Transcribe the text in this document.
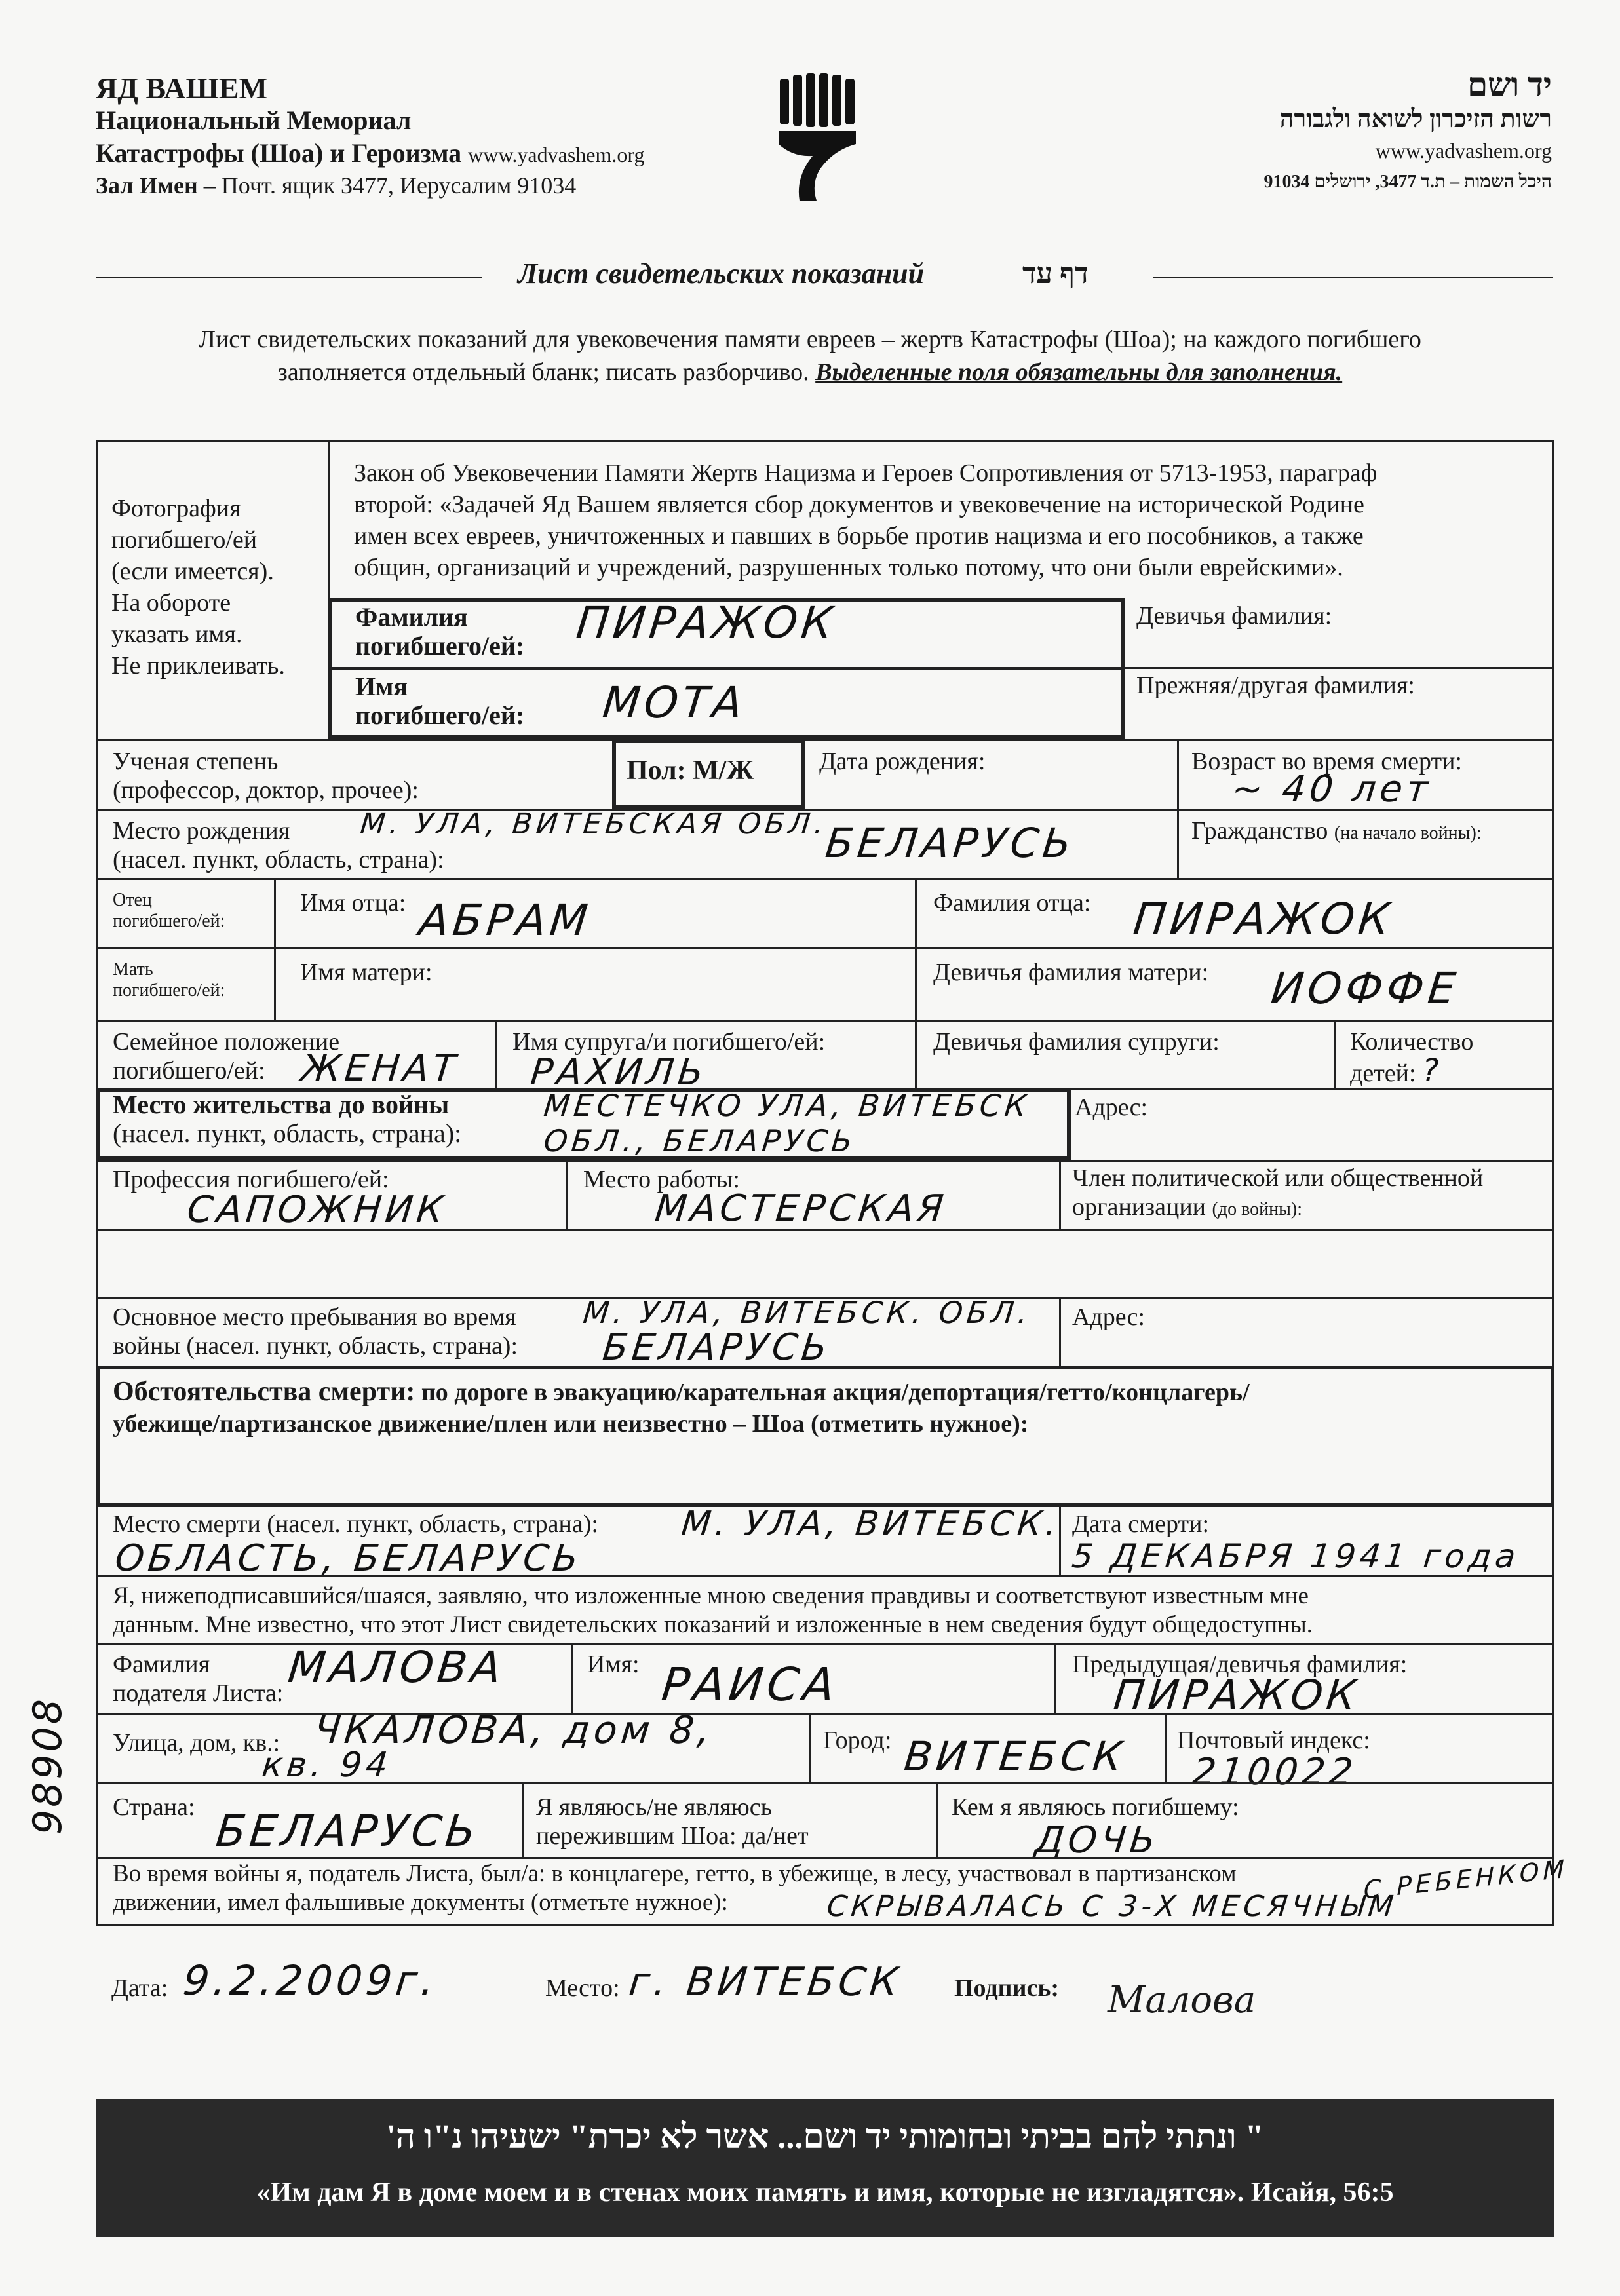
ЯД ВАШЕМ
Национальный Мемориал
Катастрофы (Шоа) и Героизма www.yadvashem.org
Зал Имен – Почт. ящик 3477, Иерусалим 91034
יד ושם
רשות הזיכרון לשואה ולגבורה
www.yadvashem.org
היכל השמות – ת.ד 3477, ירושלים 91034
Лист свидетельских показаний	דף עד
Лист свидетельских показаний для увековечения памяти евреев – жертв Катастрофы (Шоа); на каждого погибшего
заполняется отдельный бланк; писать разборчиво. Выделенные поля обязательны для заполнения.
Фотография
погибшего/ей
(если имеется).
На обороте
указать имя.
Не приклеивать.
Закон об Увековечении Памяти Жертв Нацизма и Героев Сопротивления от 5713-1953, параграф
второй: «Задачей Яд Вашем является сбор документов и увековечение на исторической Родине
имен всех евреев, уничтоженных и павших в борьбе против нацизма и его пособников, а также
общин, организаций и учреждений, разрушенных только потому, что они были еврейскими».
Фамилия
погибшего/ей: ПИРАЖОК
Имя
погибшего/ей: МОТА
Девичья фамилия:
Прежняя/другая фамилия:
Ученая степень
(профессор, доктор, прочее):
Пол: М/Ж	Дата рождения:	Возраст во время смерти:
~ 40 лет
Место рождения
(насел. пункт, область, страна):
М. УЛА, ВИТЕБСКАЯ ОБЛ.
БЕЛАРУСЬ	Гражданство (на начало войны):
Отец
погибшего/ей:
Имя отца: АБРАМ	Фамилия отца: ПИРАЖОК
Мать
погибшего/ей:
Имя матери:	Девичья фамилия матери: ИОФФЕ
Семейное положение
погибшего/ей: ЖЕНАТ
Имя супруга/и погибшего/ей:
РАХИЛЬ
Девичья фамилия супруги:	Количество
детей: ?
Место жительства до войны
(насел. пункт, область, страна):
МЕСТЕЧКО УЛА, ВИТЕБСК
ОБЛ., БЕЛАРУСЬ
Адрес:
Профессия погибшего/ей:
САПОЖНИК
Место работы:
МАСТЕРСКАЯ
Член политической или общественной
организации (до войны):
Основное место пребывания во время
войны (насел. пункт, область, страна):
М. УЛА, ВИТЕБСК. ОБЛ.
БЕЛАРУСЬ
Адрес:
Обстоятельства смерти: по дороге в эвакуацию/карательная акция/депортация/гетто/концлагерь/
убежище/партизанское движение/плен или неизвестно – Шоа (отметить нужное):
Место смерти (насел. пункт, область, страна): М. УЛА, ВИТЕБСК.
ОБЛАСТЬ, БЕЛАРУСЬ
Дата смерти:
5 ДЕКАБРЯ 1941 года
Я, нижеподписавшийся/шаяся, заявляю, что изложенные мною сведения правдивы и соответствуют известным мне
данным. Мне известно, что этот Лист свидетельских показаний и изложенные в нем сведения будут общедоступны.
Фамилия
подателя Листа:
МАЛОВА	Имя: РАИСА	Предыдущая/девичья фамилия:
ПИРАЖОК
Улица, дом, кв.: ЧКАЛОВА, дом 8,
кв. 94
Город: ВИТЕБСК Почтовый индекс:
210022
Страна: БЕЛАРУСЬ Я являюсь/не являюсь
пережившим Шоа: да/нет
Кем я являюсь погибшему:
ДОЧЬ
Во время войны я, податель Листа, был/а: в концлагере, гетто, в убежище, в лесу, участвовал в партизанском
движении, имел фальшивые документы (отметьте нужное):	С РЕБЕНКОМ
СКРЫВАЛАСЬ С 3-Х МЕСЯЧНЫМ
98908
Дата: 9.2.2009г.	Место: г. ВИТЕБСК Подпись: Малова
" ונתתי להם בביתי ובחומותי יד ושם... אשר לא יכרת" ישעיהו נ"ו ה'
«Им дам Я в доме моем и в стенах моих память и имя, которые не изгладятся». Исайя, 56:5
